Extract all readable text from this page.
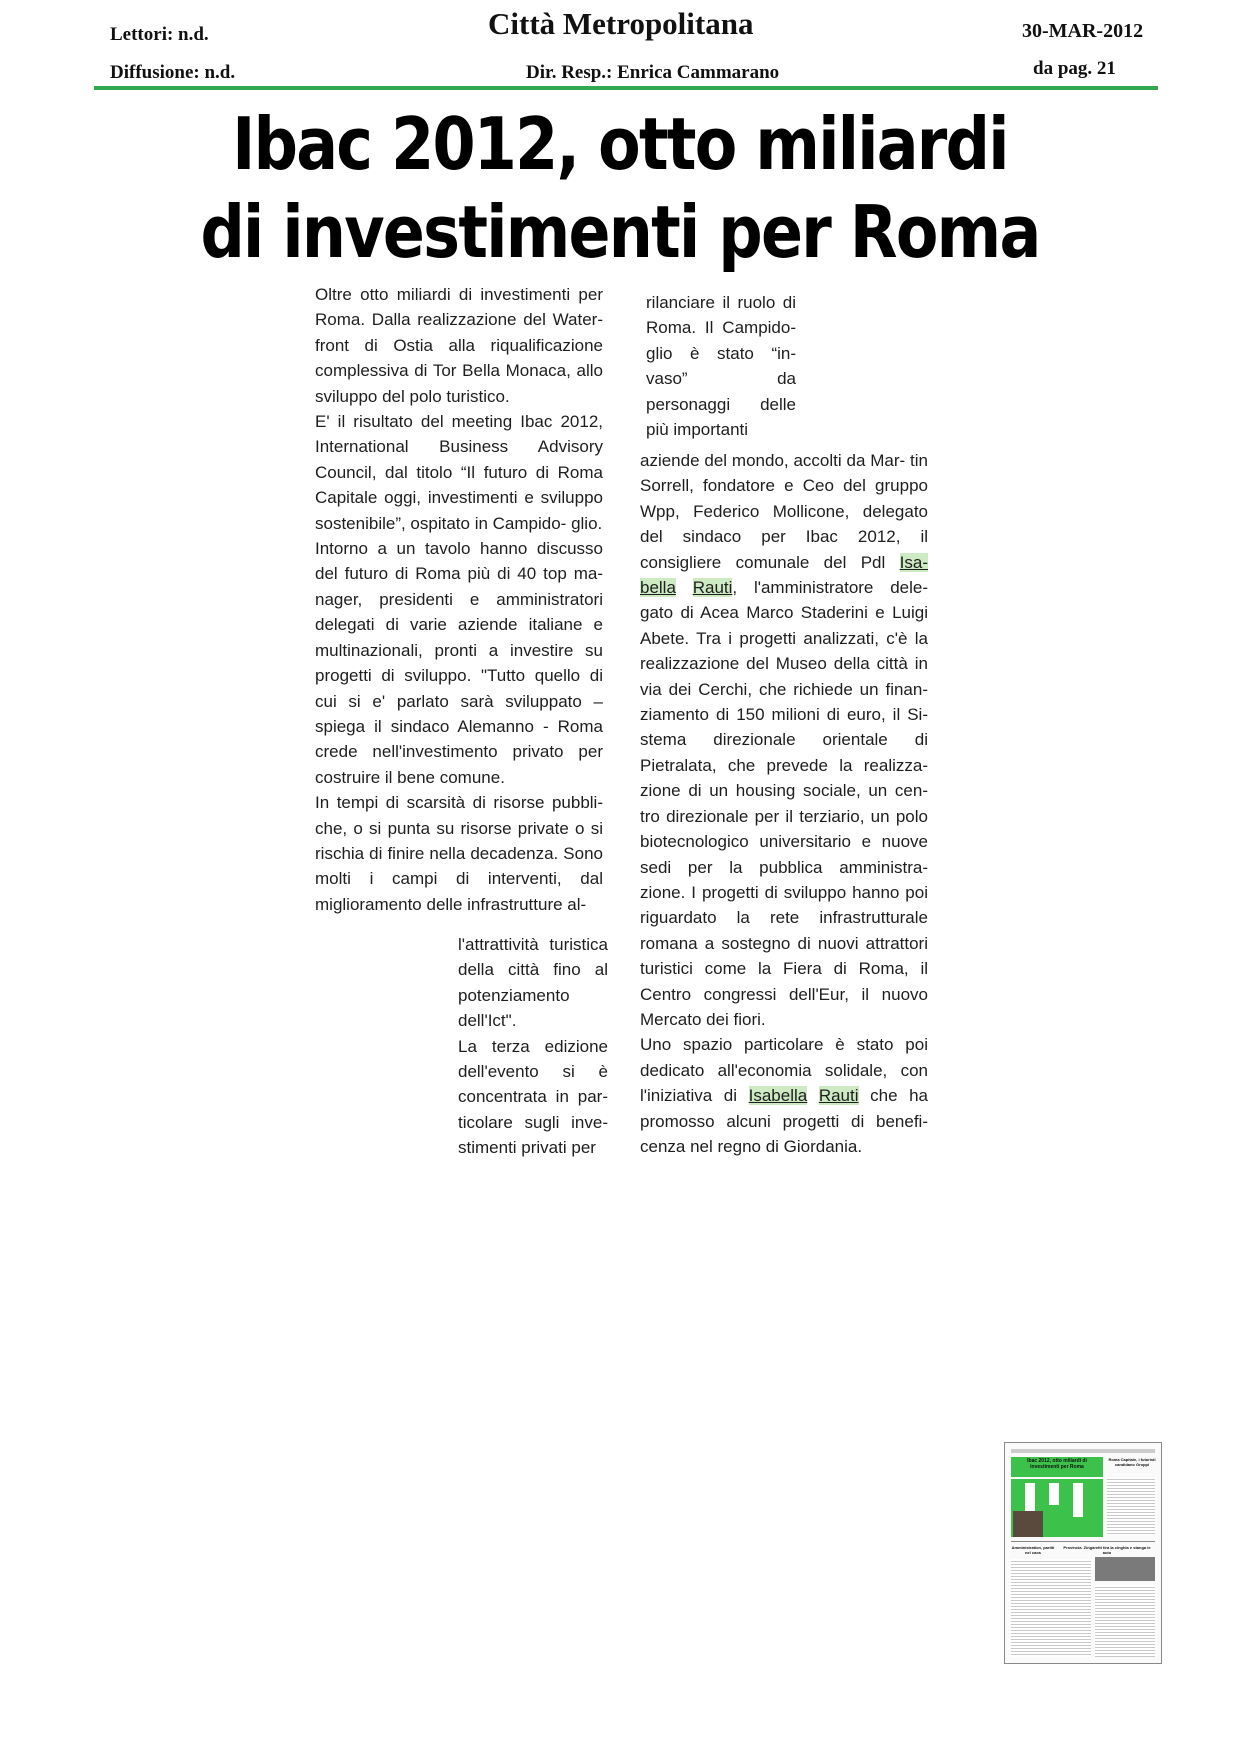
Lettori: n.d.
Diffusione: n.d.
Città Metropolitana
Dir. Resp.: Enrica Cammarano
30-MAR-2012
da pag. 21
Ibac 2012, otto miliardi
di investimenti per Roma

Oltre otto miliardi di investimenti per Roma. Dalla realizzazione del Water- front di Ostia alla riqualificazione complessiva di Tor Bella Monaca, allo sviluppo del polo turistico.

E' il risultato del meeting Ibac 2012, International Business Advisory Council, dal titolo “Il futuro di Roma Capitale oggi, investimenti e sviluppo sostenibile”, ospitato in Campido- glio.

Intorno a un tavolo hanno discusso del futuro di Roma più di 40 top ma- nager, presidenti e amministratori delegati di varie aziende italiane e multinazionali, pronti a investire su progetti di sviluppo. "Tutto quello di cui si e' parlato sarà sviluppato – spiega il sindaco Alemanno - Roma crede nell'investimento privato per costruire il bene comune.

In tempi di scarsità di risorse pubbli- che, o si punta su risorse private o si rischia di finire nella decadenza. Sono molti i campi di interventi, dal miglioramento delle infrastrutture al-

l'attrattività turistica della città fino al potenziamento dell'Ict".

La terza edizione dell'evento si è concentrata in par- ticolare sugli inve- stimenti privati per

rilanciare il ruolo di Roma. Il Campido- glio è stato “in- vaso” da personaggi delle più importanti

aziende del mondo, accolti da Mar- tin Sorrell, fondatore e Ceo del gruppo Wpp, Federico Mollicone, delegato del sindaco per Ibac 2012, il consigliere comunale del Pdl Isa- bella Rauti, l'amministratore dele- gato di Acea Marco Staderini e Luigi Abete. Tra i progetti analizzati, c'è la realizzazione del Museo della città in via dei Cerchi, che richiede un finan- ziamento di 150 milioni di euro, il Si- stema direzionale orientale di Pietralata, che prevede la realizza- zione di un housing sociale, un cen- tro direzionale per il terziario, un polo biotecnologico universitario e nuove sedi per la pubblica amministra- zione. I progetti di sviluppo hanno poi riguardato la rete infrastrutturale romana a sostegno di nuovi attrattori turistici come la Fiera di Roma, il Centro congressi dell'Eur, il nuovo Mercato dei fiori.

Uno spazio particolare è stato poi dedicato all'economia solidale, con l'iniziativa di Isabella Rauti che ha promosso alcuni progetti di benefi- cenza nel regno di Giordania.

Ibac 2012, otto miliardi di investimenti per Roma
Roma Capitale, i futuristi candidano Groppi
Amministration, partiti nel caos
Provincia. Zingaretti tira la cinghia e stanga le auto
